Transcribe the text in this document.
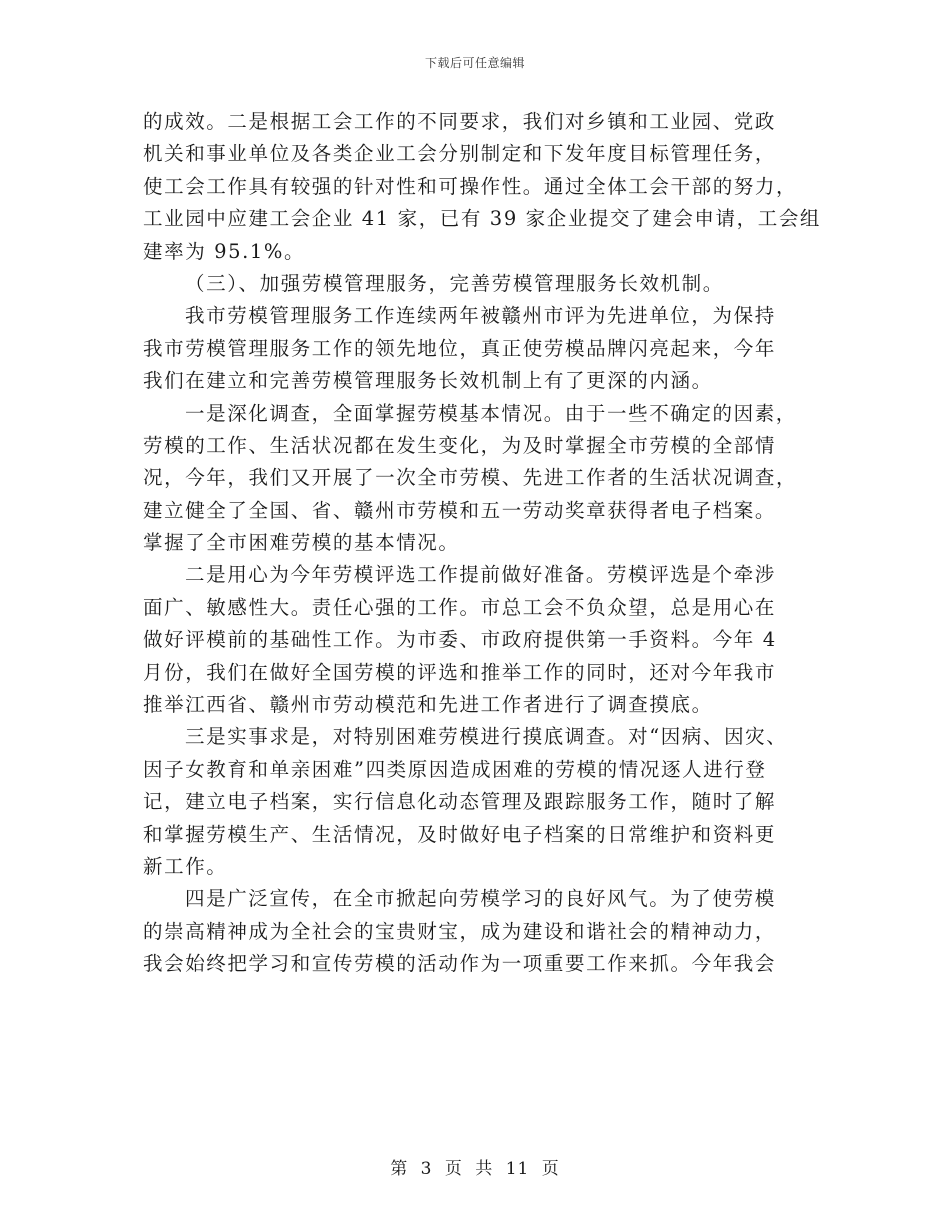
下载后可任意编辑
的成效。二是根据工会工作的不同要求，我们对乡镇和工业园、党政
机关和事业单位及各类企业工会分别制定和下发年度目标管理任务，
使工会工作具有较强的针对性和可操作性。通过全体工会干部的努力，
工业园中应建工会企业 41 家，已有 39 家企业提交了建会申请，工会组
建率为 95.1%。
（三）、加强劳模管理服务，完善劳模管理服务长效机制。
我市劳模管理服务工作连续两年被赣州市评为先进单位，为保持
我市劳模管理服务工作的领先地位，真正使劳模品牌闪亮起来，今年
我们在建立和完善劳模管理服务长效机制上有了更深的内涵。
一是深化调查，全面掌握劳模基本情况。由于一些不确定的因素，
劳模的工作、生活状况都在发生变化，为及时掌握全市劳模的全部情
况，今年，我们又开展了一次全市劳模、先进工作者的生活状况调查，
建立健全了全国、省、赣州市劳模和五一劳动奖章获得者电子档案。
掌握了全市困难劳模的基本情况。
二是用心为今年劳模评选工作提前做好准备。劳模评选是个牵涉
面广、敏感性大。责任心强的工作。市总工会不负众望，总是用心在
做好评模前的基础性工作。为市委、市政府提供第一手资料。今年 4
月份，我们在做好全国劳模的评选和推举工作的同时，还对今年我市
推举江西省、赣州市劳动模范和先进工作者进行了调查摸底。
三是实事求是，对特别困难劳模进行摸底调查。对“因病、因灾、
因子女教育和单亲困难”四类原因造成困难的劳模的情况逐人进行登
记，建立电子档案，实行信息化动态管理及跟踪服务工作，随时了解
和掌握劳模生产、生活情况，及时做好电子档案的日常维护和资料更
新工作。
四是广泛宣传，在全市掀起向劳模学习的良好风气。为了使劳模
的崇高精神成为全社会的宝贵财宝，成为建设和谐社会的精神动力，
我会始终把学习和宣传劳模的活动作为一项重要工作来抓。今年我会
第 3 页 共 11 页
